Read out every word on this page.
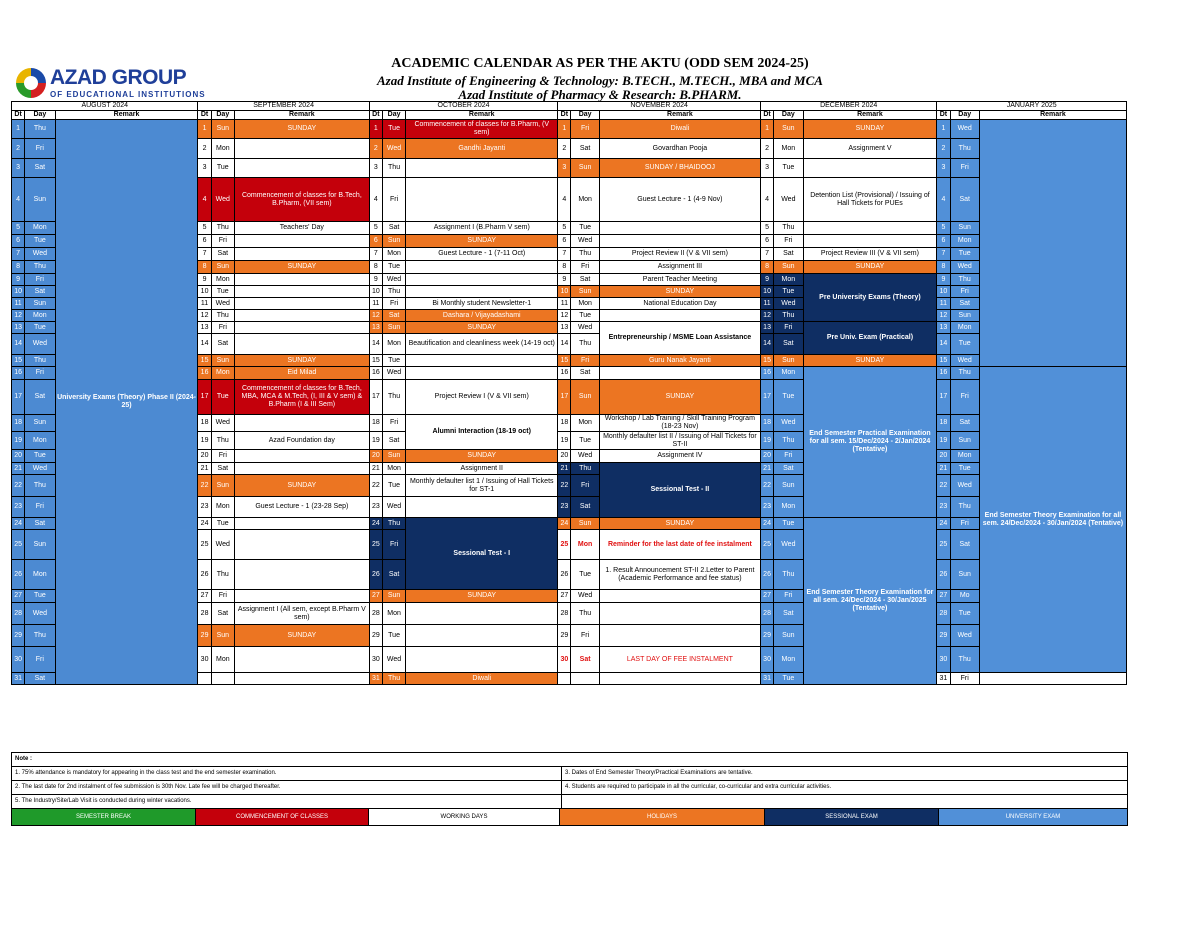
AZAD GROUP
OF EDUCATIONAL INSTITUTIONS
ACADEMIC CALENDAR AS PER THE AKTU (ODD SEM 2024-25)
Azad Institute of Engineering & Technology: B.TECH., M.TECH., MBA and MCA
Azad Institute of Pharmacy & Research: B.PHARM.
AUGUST 2024			SEPTEMBER 2024			OCTOBER 2024			NOVEMBER 2024			DECEMBER 2024			JANUARY 2025		
Dt	Day	Remark	Dt	Day	Remark	Dt	Day	Remark	Dt	Day	Remark	Dt	Day	Remark	Dt	Day	Remark
1	Thu	University Exams (Theory) Phase II (2024-25)	1	Sun	SUNDAY	1	Tue	Commencement of classes for B.Pharm, (V sem)	1	Fri	Diwali	1	Sun	SUNDAY	1	Wed	
2	Fri		2	Mon		2	Wed	Gandhi Jayanti	2	Sat	Govardhan Pooja	2	Mon	Assignment V	2	Thu	
3	Sat		3	Tue		3	Thu		3	Sun	SUNDAY / BHAIDOOJ	3	Tue		3	Fri	
4	Sun		4	Wed	Commencement of classes for B.Tech, B.Pharm, (VII sem)	4	Fri		4	Mon	Guest Lecture - 1 (4-9 Nov)	4	Wed	Detention List (Provisional) / Issuing of Hall Tickets for PUEs	4	Sat	
5	Mon		5	Thu	Teachers' Day	5	Sat	Assignment I (B.Pharm V sem)	5	Tue		5	Thu		5	Sun	
6	Tue		6	Fri		6	Sun	SUNDAY	6	Wed		6	Fri		6	Mon	
7	Wed		7	Sat		7	Mon	Guest Lecture - 1 (7-11 Oct)	7	Thu	Project Review II (V & VII sem)	7	Sat	Project Review III (V & VII sem)	7	Tue	
8	Thu		8	Sun	SUNDAY	8	Tue		8	Fri	Assignment III	8	Sun	SUNDAY	8	Wed	
9	Fri		9	Mon		9	Wed		9	Sat	Parent Teacher Meeting	9	Mon	Pre University Exams (Theory)	9	Thu	
10	Sat		10	Tue		10	Thu		10	Sun	SUNDAY	10	Tue		10	Fri	
11	Sun		11	Wed		11	Fri	Bi Monthly student Newsletter-1	11	Mon	National Education Day	11	Wed		11	Sat	
12	Mon		12	Thu		12	Sat	Dashara / Vijayadashami	12	Tue		12	Thu		12	Sun	
13	Tue		13	Fri		13	Sun	SUNDAY	13	Wed	Entrepreneurship / MSME Loan Assistance	13	Fri	Pre Univ. Exam (Practical)	13	Mon	
14	Wed		14	Sat		14	Mon	Beautification and cleanliness week (14-19 oct)	14	Thu		14	Sat		14	Tue	
15	Thu		15	Sun	SUNDAY	15	Tue		15	Fri	Guru Nanak Jayanti	15	Sun	SUNDAY	15	Wed	
16	Fri		16	Mon	Eid Milad	16	Wed		16	Sat		16	Mon	End Semester Practical Examination for all sem. 15/Dec/2024 - 2/Jan/2024 (Tentative)	16	Thu	End Semester Theory Examination for all sem. 24/Dec/2024 - 30/Jan/2024 (Tentative)
17	Sat		17	Tue	Commencement of classes for B.Tech, MBA, MCA & M.Tech, (I, III & V sem) & B.Pharm (I & III Sem)	17	Thu	Project Review I (V & VII sem)	17	Sun	SUNDAY	17	Tue		17	Fri	
18	Sun		18	Wed		18	Fri	Alumni Interaction (18-19 oct)	18	Mon	Workshop / Lab Training / Skill Training Program (18-23 Nov)	18	Wed		18	Sat	
19	Mon		19	Thu	Azad Foundation day	19	Sat		19	Tue	Monthly defaulter list II / Issuing of Hall Tickets for ST-II	19	Thu		19	Sun	
20	Tue		20	Fri		20	Sun	SUNDAY	20	Wed	Assignment IV	20	Fri		20	Mon	
21	Wed		21	Sat		21	Mon	Assignment II	21	Thu	Sessional Test - II	21	Sat		21	Tue	
22	Thu		22	Sun	SUNDAY	22	Tue	Monthly defaulter list 1 / Issuing of Hall Tickets for ST-1	22	Fri		22	Sun		22	Wed	
23	Fri		23	Mon	Guest Lecture - 1 (23-28 Sep)	23	Wed		23	Sat		23	Mon		23	Thu	
24	Sat		24	Tue		24	Thu	Sessional Test - I	24	Sun	SUNDAY	24	Tue	End Semester Theory Examination for all sem. 24/Dec/2024 - 30/Jan/2025 (Tentative)	24	Fri	
25	Sun		25	Wed		25	Fri		25	Mon	Reminder for the last date of fee instalment	25	Wed		25	Sat	
26	Mon		26	Thu		26	Sat		26	Tue	1. Result Announcement ST-II 2.Letter to Parent (Academic Performance and fee status)	26	Thu		26	Sun	
27	Tue		27	Fri		27	Sun	SUNDAY	27	Wed		27	Fri		27	Mo	
28	Wed		28	Sat	Assignment I (All sem, except B.Pharm V sem)	28	Mon		28	Thu		28	Sat		28	Tue	
29	Thu		29	Sun	SUNDAY	29	Tue		29	Fri		29	Sun		29	Wed	
30	Fri		30	Mon		30	Wed		30	Sat	LAST DAY OF FEE INSTALMENT	30	Mon		30	Thu	
31	Sat					31	Thu	Diwali				31	Tue		31	Fri	
Note :	
1. 75% attendance is mandatory for appearing in the class test and the end semester examination.	3. Dates of End Semester Theory/Practical Examinations are tentative.
2. The last date for 2nd instalment of fee submission is 30th Nov. Late fee will be charged thereafter.	4. Students are required to participate in all the curricular, co-curricular and extra curricular activities.
5. The Industry/Site/Lab Visit is conducted during winter vacations.	
SEMESTER BREAK	COMMENCEMENT OF CLASSES	WORKING DAYS	HOLIDAYS	SESSIONAL EXAM	UNIVERSITY EXAM
